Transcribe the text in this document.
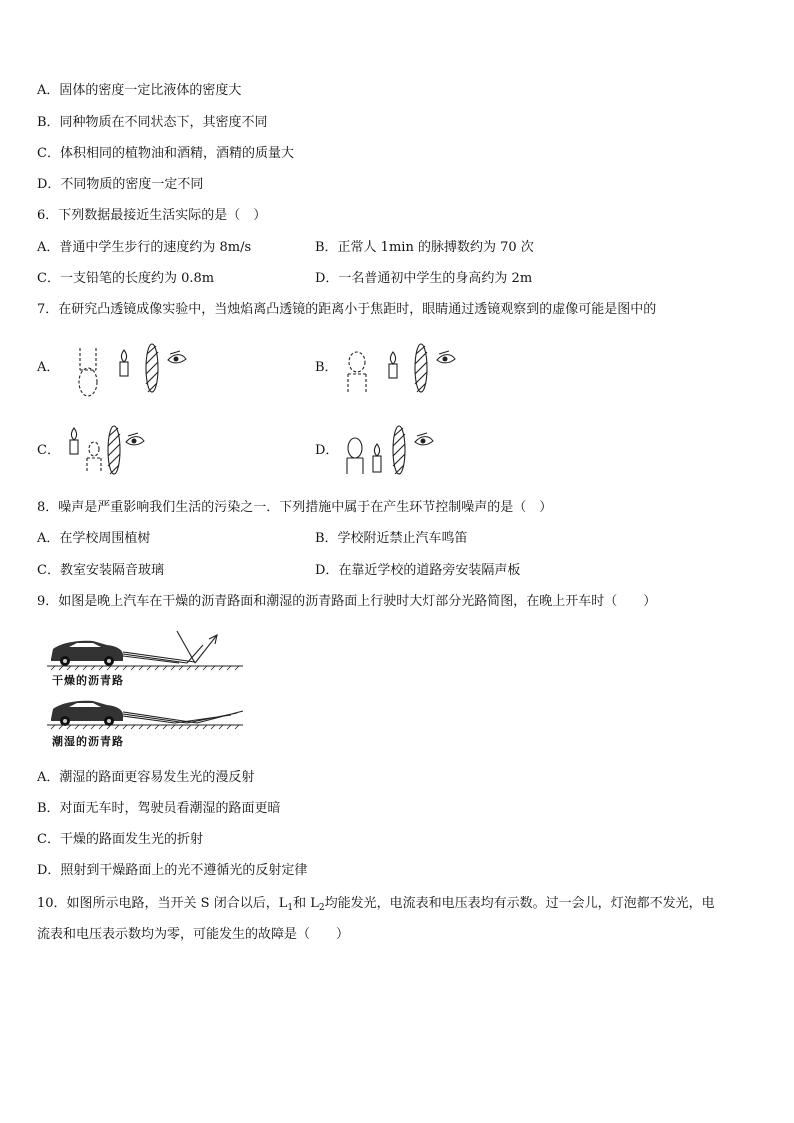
A．固体的密度一定比液体的密度大
B．同种物质在不同状态下，其密度不同
C．体积相同的植物油和酒精，酒精的质量大
D．不同物质的密度一定不同
6．下列数据最接近生活实际的是（　）
A．普通中学生步行的速度约为 8m/s	B．正常人 1min 的脉搏数约为 70 次
C．一支铅笔的长度约为 0.8m	D．一名普通初中学生的身高约为 2m
7．在研究凸透镜成像实验中，当烛焰离凸透镜的距离小于焦距时，眼睛通过透镜观察到的虚像可能是图中的
A．	B．
C．	D．
8．噪声是严重影响我们生活的污染之一．下列措施中属于在产生环节控制噪声的是（　）
A．在学校周围植树	B．学校附近禁止汽车鸣笛
C．教室安装隔音玻璃	D．在靠近学校的道路旁安装隔声板
9．如图是晚上汽车在干燥的沥青路面和潮湿的沥青路面上行驶时大灯部分光路简图，在晚上开车时（　　）
干燥的沥青路
潮湿的沥青路
A．潮湿的路面更容易发生光的漫反射
B．对面无车时，驾驶员看潮湿的路面更暗
C．干燥的路面发生光的折射
D．照射到干燥路面上的光不遵循光的反射定律
10．如图所示电路，当开关 S 闭合以后，$L_1$和 $L_2$均能发光，电流表和电压表均有示数。过一会儿，灯泡都不发光，电
流表和电压表示数均为零，可能发生的故障是（　　）
